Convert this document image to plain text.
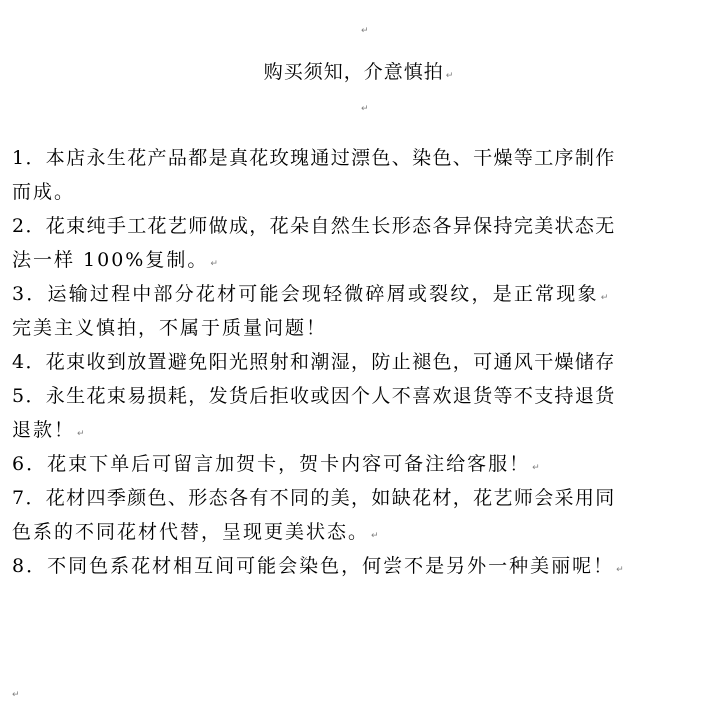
↵
购买须知，介意慎拍 ↵
↵
1．本店永生花产品都是真花玫瑰通过漂色、染色、干燥等工序制作
而成。
2．花束纯手工花艺师做成，花朵自然生长形态各异保持完美状态无
法一样 100%复制。 ↵
3．运输过程中部分花材可能会现轻微碎屑或裂纹，是正常现象 ↵
完美主义慎拍，不属于质量问题！
4．花束收到放置避免阳光照射和潮湿，防止褪色，可通风干燥储存
5．永生花束易损耗，发货后拒收或因个人不喜欢退货等不支持退货
退款！ ↵
6．花束下单后可留言加贺卡，贺卡内容可备注给客服！ ↵
7．花材四季颜色、形态各有不同的美，如缺花材，花艺师会采用同
色系的不同花材代替，呈现更美状态。 ↵
8．不同色系花材相互间可能会染色，何尝不是另外一种美丽呢！ ↵
↵
